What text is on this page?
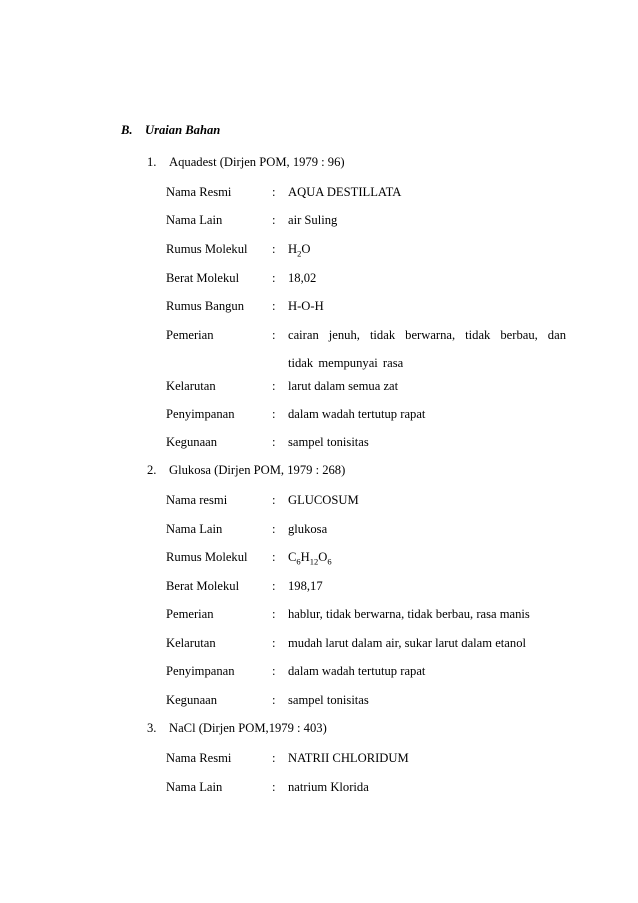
B. Uraian Bahan
1. Aquadest (Dirjen POM, 1979 : 96)
Nama Resmi	: AQUA DESTILLATA
Nama Lain	: air Suling
Rumus Molekul : $H_2O$
Berat Molekul	: 18,02
Rumus Bangun : H-O-H
Pemerian	: cairan jenuh, tidak berwarna, tidak berbau, dan tidak mempunyai rasa
Kelarutan	: larut dalam semua zat
Penyimpanan	: dalam wadah tertutup rapat
Kegunaan	: sampel tonisitas
2. Glukosa (Dirjen POM, 1979 : 268)
Nama resmi	: GLUCOSUM
Nama Lain	: glukosa
Rumus Molekul : $C_6H_{12}O_6$
Berat Molekul	: 198,17
Pemerian	: hablur, tidak berwarna, tidak berbau, rasa manis
Kelarutan	: mudah larut dalam air, sukar larut dalam etanol
Penyimpanan	: dalam wadah tertutup rapat
Kegunaan	: sampel tonisitas
3. NaCl (Dirjen POM,1979 : 403)
Nama Resmi	: NATRII CHLORIDUM
Nama Lain	: natrium Klorida
